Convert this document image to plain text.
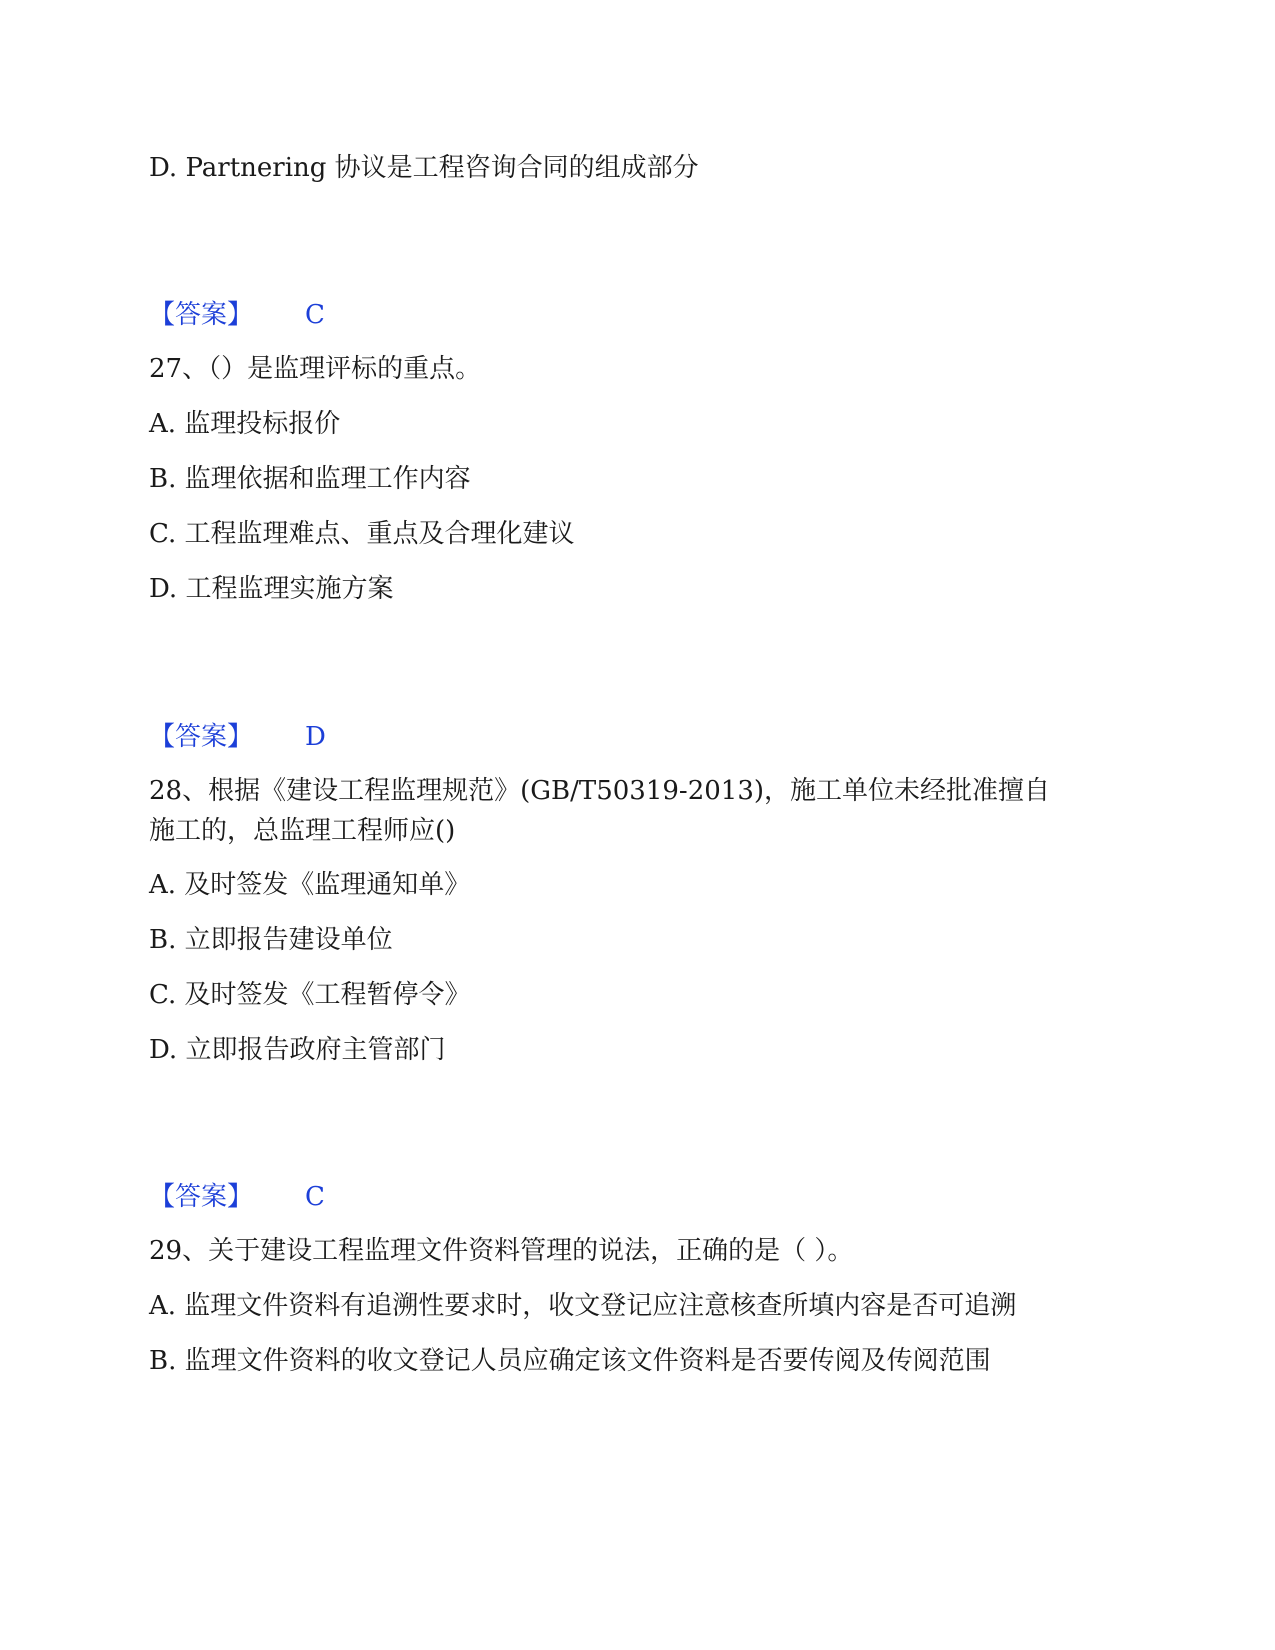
D. Partnering 协议是工程咨询合同的组成部分
【答案】 C
27、（）是监理评标的重点。
A. 监理投标报价
B. 监理依据和监理工作内容
C. 工程监理难点、重点及合理化建议
D. 工程监理实施方案
【答案】 D
28、根据《建设工程监理规范》(GB/T50319-2013)，施工单位未经批准擅自
施工的，总监理工程师应()
A. 及时签发《监理通知单》
B. 立即报告建设单位
C. 及时签发《工程暂停令》
D. 立即报告政府主管部门
【答案】 C
29、关于建设工程监理文件资料管理的说法，正确的是（ ）。
A. 监理文件资料有追溯性要求时，收文登记应注意核查所填内容是否可追溯
B. 监理文件资料的收文登记人员应确定该文件资料是否要传阅及传阅范围
